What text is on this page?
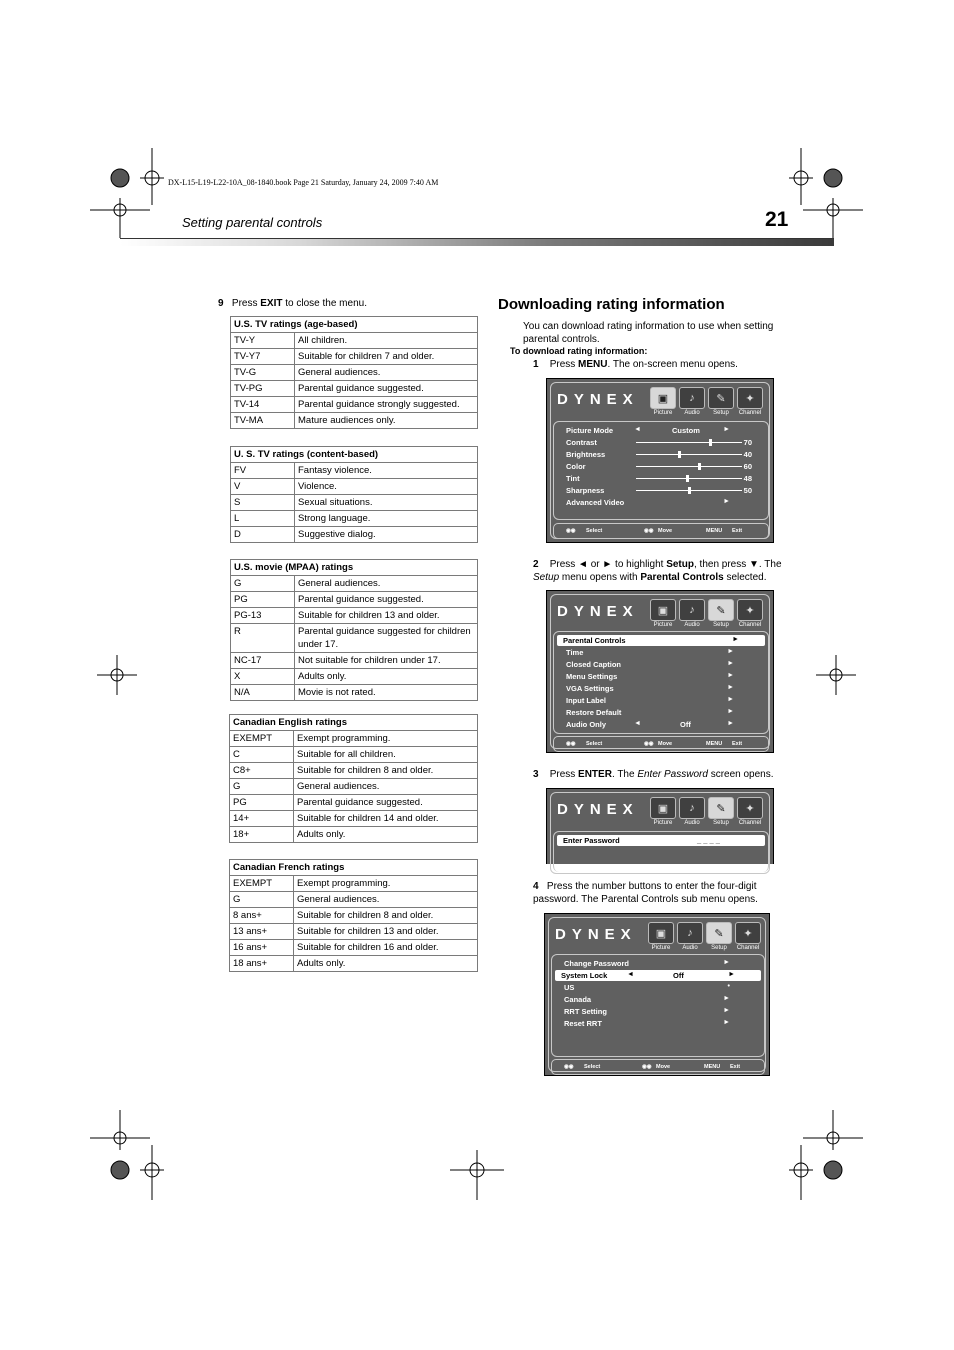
DX-L15-L19-L22-10A_08-1840.book Page 21 Saturday, January 24, 2009 7:40 AM
Setting parental controls	21
9 Press EXIT to close the menu.
U.S. TV ratings (age-based)	
TV-Y	All children.
TV-Y7	Suitable for children 7 and older.
TV-G	General audiences.
TV-PG	Parental guidance suggested.
TV-14	Parental guidance strongly suggested.
TV-MA	Mature audiences only.
U. S. TV ratings (content-based)	
FV	Fantasy violence.
V	Violence.
S	Sexual situations.
L	Strong language.
D	Suggestive dialog.
U.S. movie (MPAA) ratings	
G	General audiences.
PG	Parental guidance suggested.
PG-13	Suitable for children 13 and older.
R	Parental guidance suggested for children under 17.
NC-17	Not suitable for children under 17.
X	Adults only.
N/A	Movie is not rated.
Canadian English ratings	
EXEMPT	Exempt programming.
C	Suitable for all children.
C8+	Suitable for children 8 and older.
G	General audiences.
PG	Parental guidance suggested.
14+	Suitable for children 14 and older.
18+	Adults only.
Canadian French ratings	
EXEMPT	Exempt programming.
G	General audiences.
8 ans+	Suitable for children 8 and older.
13 ans+	Suitable for children 13 and older.
16 ans+	Suitable for children 16 and older.
18 ans+	Adults only.
Downloading rating information
You can download rating information to use when setting parental controls.
To download rating information:
1 Press MENU. The on-screen menu opens.
DYNEX	▣
Picture
♪
Audio
✎
Setup
✦
Channel
Picture Mode	◄	Custom	►
Contrast	70
Brightness	40
Color	60
Tint	48
Sharpness	50
Advanced Video	►
◉◉ Select	◉◉ Move	MENU Exit
2 Press ◄ or ► to highlight Setup, then press ▼. The Setup menu opens with Parental Controls selected.
DYNEX	▣
Picture
♪
Audio
✎
Setup
✦
Channel
Parental Controls	►
Time	►
Closed Caption	►
Menu Settings	►
VGA Settings	►
Input Label	►
Restore Default	►
Audio Only	◄	Off	►
◉◉ Select	◉◉ Move	MENU Exit
3 Press ENTER. The Enter Password screen opens.
DYNEX	▣
Picture
♪
Audio
✎
Setup
✦
Channel
Enter Password	_ _ _ _
4 Press the number buttons to enter the four-digit password. The Parental Controls sub menu opens.
DYNEX	▣
Picture
♪
Audio
✎
Setup
✦
Channel
Change Password	►
System Lock	◄	Off	►
US	•
Canada	►
RRT Setting	►
Reset RRT	►
◉◉ Select	◉◉ Move	MENU Exit
